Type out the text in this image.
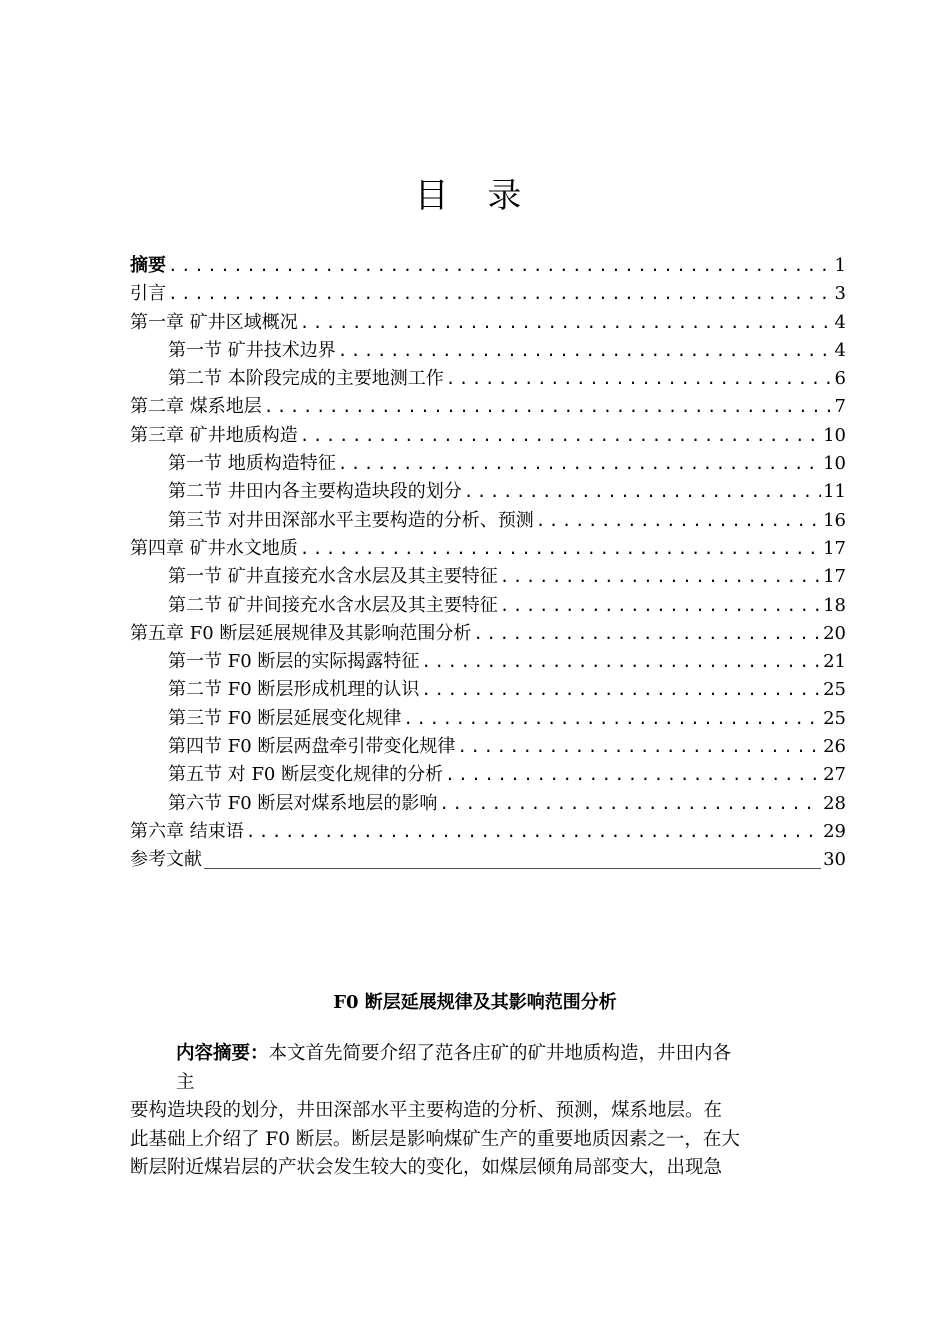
目 录
摘要 .....	1
引言 .....	3
第一章 矿井区域概况 .....	4
第一节 矿井技术边界 .....	4
第二节 本阶段完成的主要地测工作 .....	6
第二章 煤系地层 .....	7
第三章 矿井地质构造 .....	10
第一节 地质构造特征 .....	10
第二节 井田内各主要构造块段的划分 .....	11
第三节 对井田深部水平主要构造的分析、预测 .....	16
第四章 矿井水文地质 .....	17
第一节 矿井直接充水含水层及其主要特征 .....	17
第二节 矿井间接充水含水层及其主要特征 .....	18
第五章 F0 断层延展规律及其影响范围分析 .....	20
第一节 F0 断层的实际揭露特征 .....	21
第二节 F0 断层形成机理的认识 .....	25
第三节 F0 断层延展变化规律 .....	25
第四节 F0 断层两盘牵引带变化规律 .....	26
第五节 对 F0 断层变化规律的分析 .....	27
第六节 F0 断层对煤系地层的影响 .....	28
第六章 结束语 .....	29
参考文献	30
F0 断层延展规律及其影响范围分析
内容摘要：本文首先简要介绍了范各庄矿的矿井地质构造，井田内各
主
要构造块段的划分，井田深部水平主要构造的分析、预测，煤系地层。在
此基础上介绍了 F0 断层。断层是影响煤矿生产的重要地质因素之一，在大
断层附近煤岩层的产状会发生较大的变化，如煤层倾角局部变大，出现急
